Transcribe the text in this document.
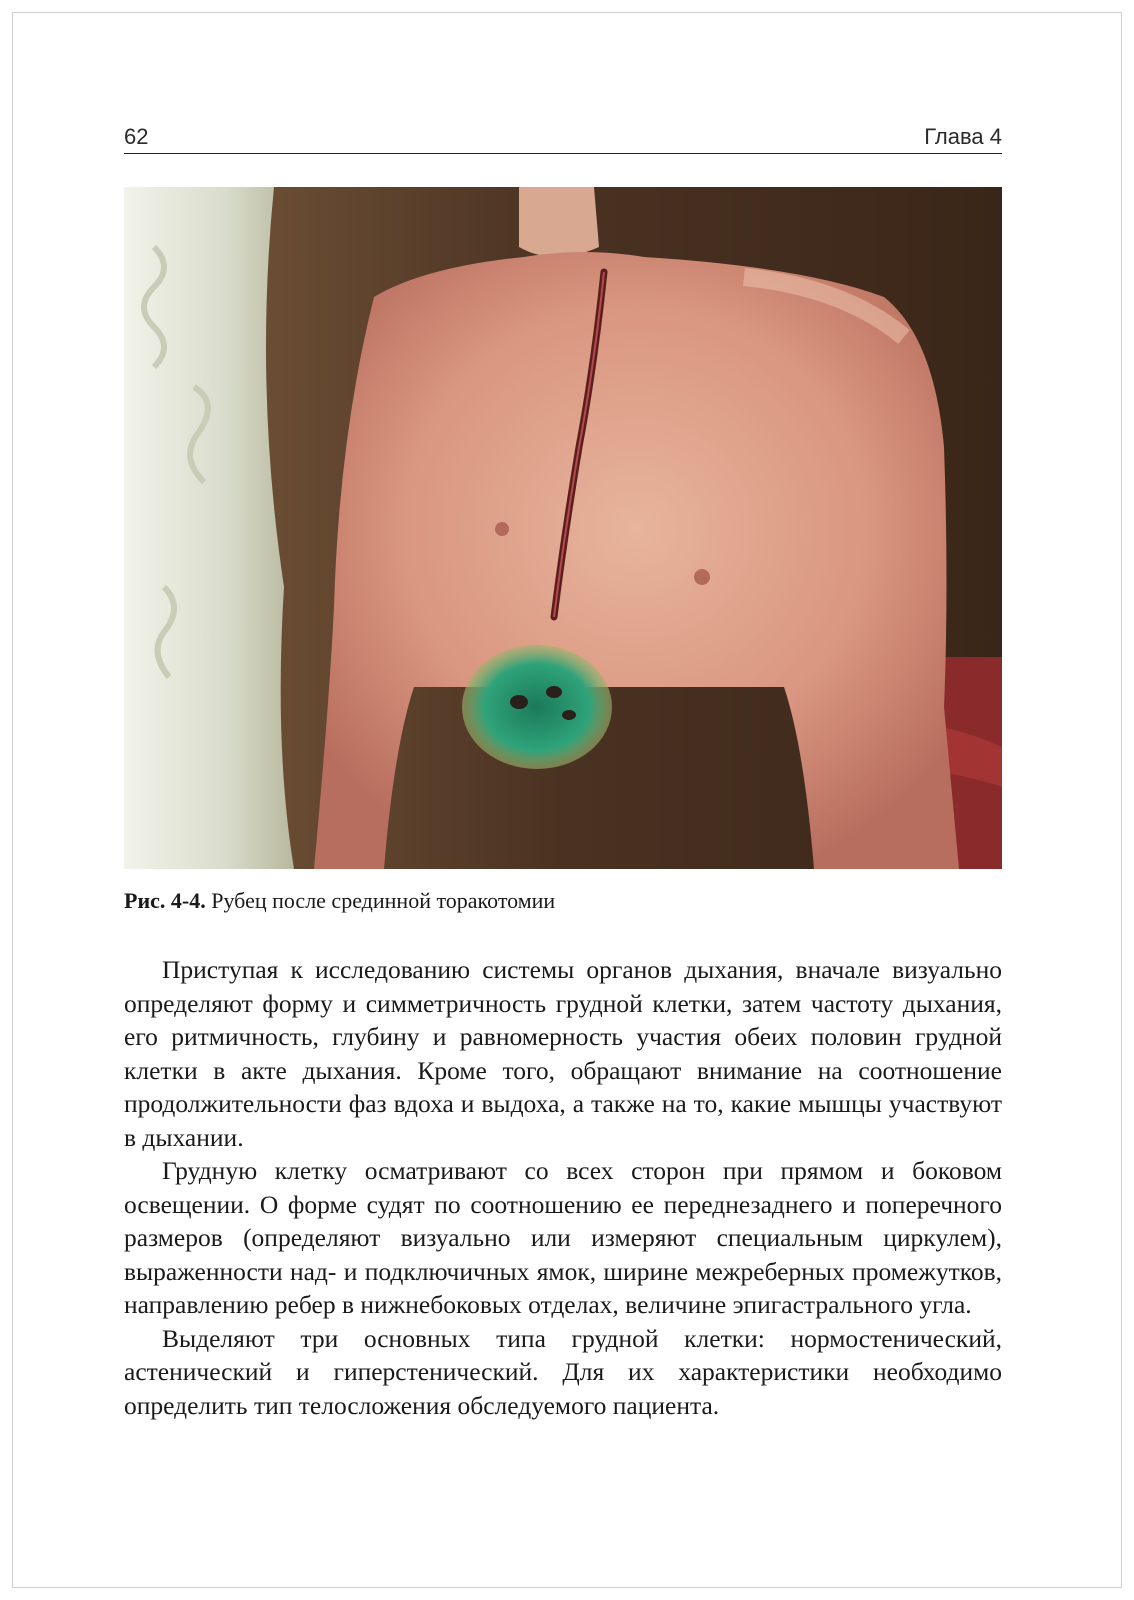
62	Глава 4
Рис. 4-4. Рубец после срединной торакотомии

Приступая к исследованию системы органов дыхания, вначале визуально определяют форму и симметричность грудной клетки, затем частоту дыхания, его ритмичность, глубину и равномерность участия обеих половин грудной клетки в акте дыхания. Кроме того, обращают внимание на соотношение продолжительности фаз вдоха и выдоха, а также на то, какие мышцы участвуют в дыхании.

Грудную клетку осматривают со всех сторон при прямом и боковом освещении. О форме судят по соотношению ее переднезаднего и поперечного размеров (определяют визуально или измеряют специальным циркулем), выраженности над- и подключичных ямок, ширине межреберных промежутков, направлению ребер в нижнебоковых отделах, величине эпигастрального угла.

Выделяют три основных типа грудной клетки: нормостенический, астенический и гиперстенический. Для их характеристики необходимо определить тип телосложения обследуемого пациента.
